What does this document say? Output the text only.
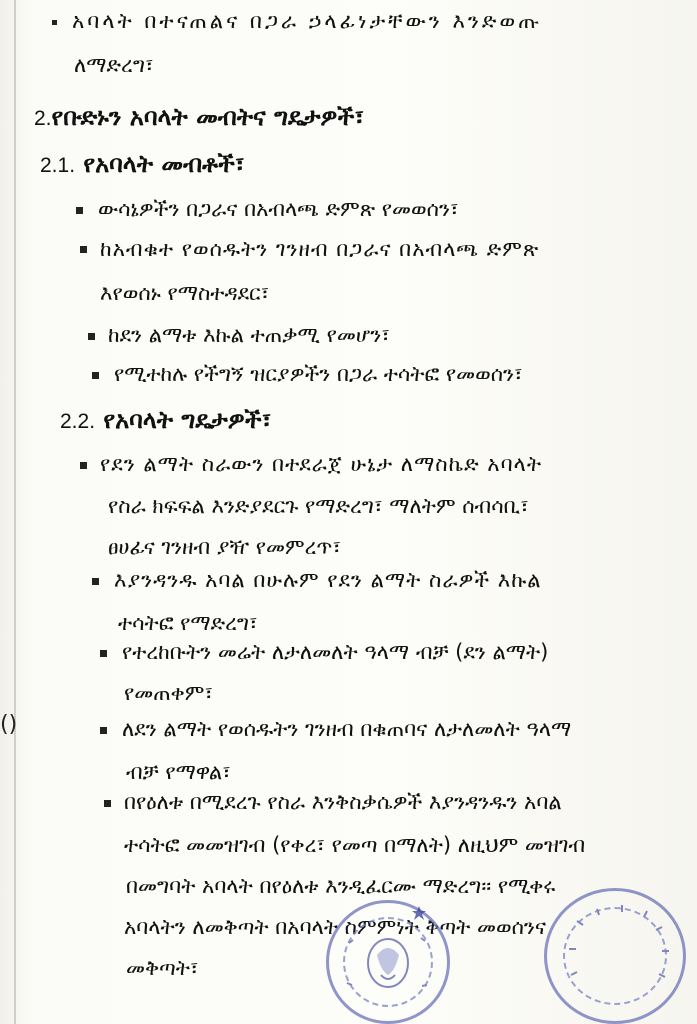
አባላት በተናጠልና በጋራ ኃላፊነታቸውን እንድወጡ
ለማድረግ፣
2.የቡድኑን አባላት መብትና ግዴታዎች፣
2.1. የአባላት መብቶች፣
ውሳኔዎችን በጋራና በአብላጫ ድምጽ የመወሰን፣
ከአብቁተ የወሰዱትን ገንዘብ በጋራና በአብላጫ ድምጽ
እየወሰኑ የማስተዳደር፣
ከደን ልማቱ እኩል ተጠቃሚ የመሆን፣
የሚተከሉ የችግኝ ዝርያዎችን በጋራ ተሳትፎ የመወሰን፣
2.2. የአባላት ግዴታዎች፣
የደን ልማት ስራውን በተደራጀ ሁኔታ ለማስኬድ አባላት
የስራ ክፍፍል እንድያደርጉ የማድረግ፣ ማለትም ሰብሳቢ፣
ፀሀፊና ገንዘብ ያዥ የመምረጥ፣
እያንዳንዱ አባል በሁሉም የደን ልማት ስራዎች እኩል
ተሳትፎ የማድረግ፣
የተረከቡትን መሬት ለታለመለት ዓላማ ብቻ (ደን ልማት)
የመጠቀም፣
ለደን ልማት የወሰዱትን ገንዘብ በቁጠባና ለታለመለት ዓላማ
ብቻ የማዋል፣
በየዕለቱ በሚደረጉ የስራ እንቅስቃሴዎች እያንዳንዱን አባል
ተሳትፎ መመዝገብ (የቀረ፣ የመጣ በማለት) ለዚህም መዝገብ
በመግባት አባላት በየዕለቱ እንዲፈርሙ ማድረግ፡፡ የሚቀሩ
አባላትን ለመቅጣት በአባላት ስምምነት ቅጣት መወሰንና
መቅጣት፣
()
